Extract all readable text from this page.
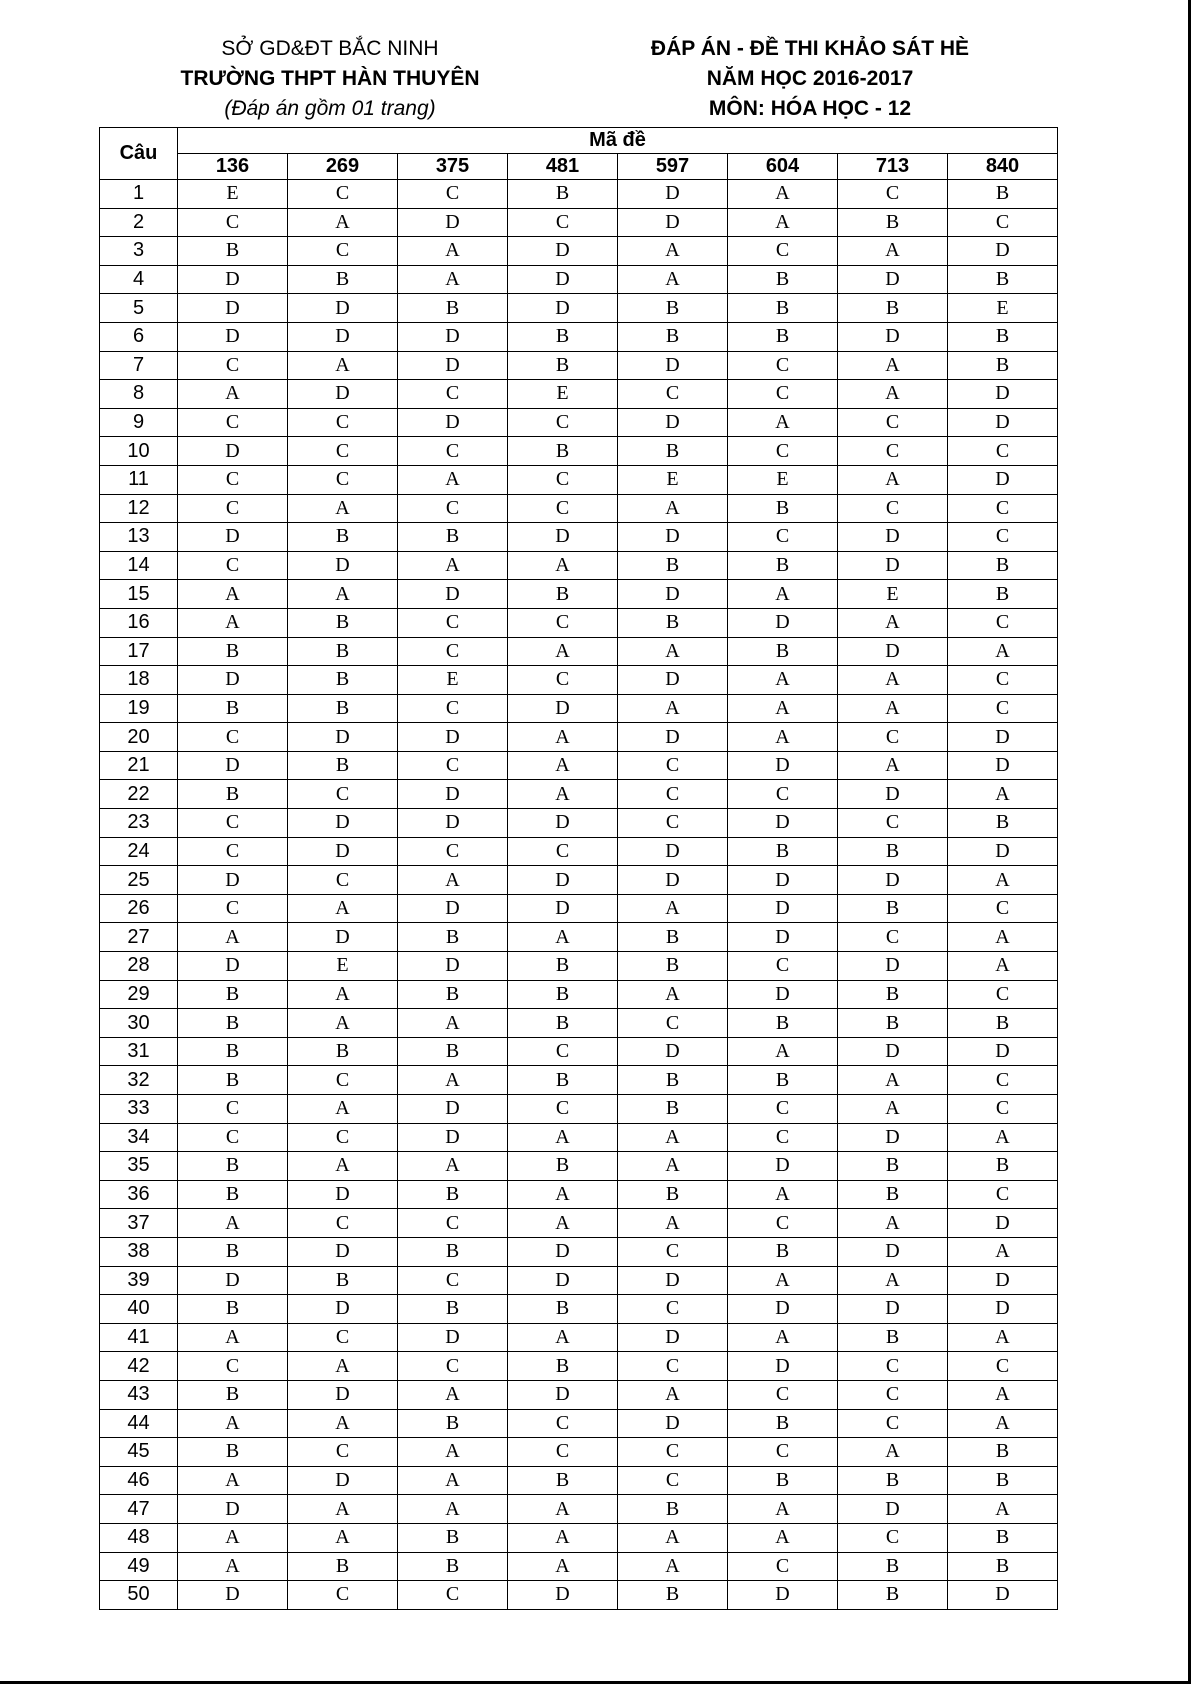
SỞ GD&ĐT BẮC NINH
TRƯỜNG THPT HÀN THUYÊN
(Đáp án gồm 01 trang)
ĐÁP ÁN - ĐỀ THI KHẢO SÁT HÈ
NĂM HỌC 2016-2017
MÔN: HÓA HỌC - 12
Câu	Mã đề							
	136	269	375	481	597	604	713	840
1	E	C	C	B	D	A	C	B
2	C	A	D	C	D	A	B	C
3	B	C	A	D	A	C	A	D
4	D	B	A	D	A	B	D	B
5	D	D	B	D	B	B	B	E
6	D	D	D	B	B	B	D	B
7	C	A	D	B	D	C	A	B
8	A	D	C	E	C	C	A	D
9	C	C	D	C	D	A	C	D
10	D	C	C	B	B	C	C	C
11	C	C	A	C	E	E	A	D
12	C	A	C	C	A	B	C	C
13	D	B	B	D	D	C	D	C
14	C	D	A	A	B	B	D	B
15	A	A	D	B	D	A	E	B
16	A	B	C	C	B	D	A	C
17	B	B	C	A	A	B	D	A
18	D	B	E	C	D	A	A	C
19	B	B	C	D	A	A	A	C
20	C	D	D	A	D	A	C	D
21	D	B	C	A	C	D	A	D
22	B	C	D	A	C	C	D	A
23	C	D	D	D	C	D	C	B
24	C	D	C	C	D	B	B	D
25	D	C	A	D	D	D	D	A
26	C	A	D	D	A	D	B	C
27	A	D	B	A	B	D	C	A
28	D	E	D	B	B	C	D	A
29	B	A	B	B	A	D	B	C
30	B	A	A	B	C	B	B	B
31	B	B	B	C	D	A	D	D
32	B	C	A	B	B	B	A	C
33	C	A	D	C	B	C	A	C
34	C	C	D	A	A	C	D	A
35	B	A	A	B	A	D	B	B
36	B	D	B	A	B	A	B	C
37	A	C	C	A	A	C	A	D
38	B	D	B	D	C	B	D	A
39	D	B	C	D	D	A	A	D
40	B	D	B	B	C	D	D	D
41	A	C	D	A	D	A	B	A
42	C	A	C	B	C	D	C	C
43	B	D	A	D	A	C	C	A
44	A	A	B	C	D	B	C	A
45	B	C	A	C	C	C	A	B
46	A	D	A	B	C	B	B	B
47	D	A	A	A	B	A	D	A
48	A	A	B	A	A	A	C	B
49	A	B	B	A	A	C	B	B
50	D	C	C	D	B	D	B	D
